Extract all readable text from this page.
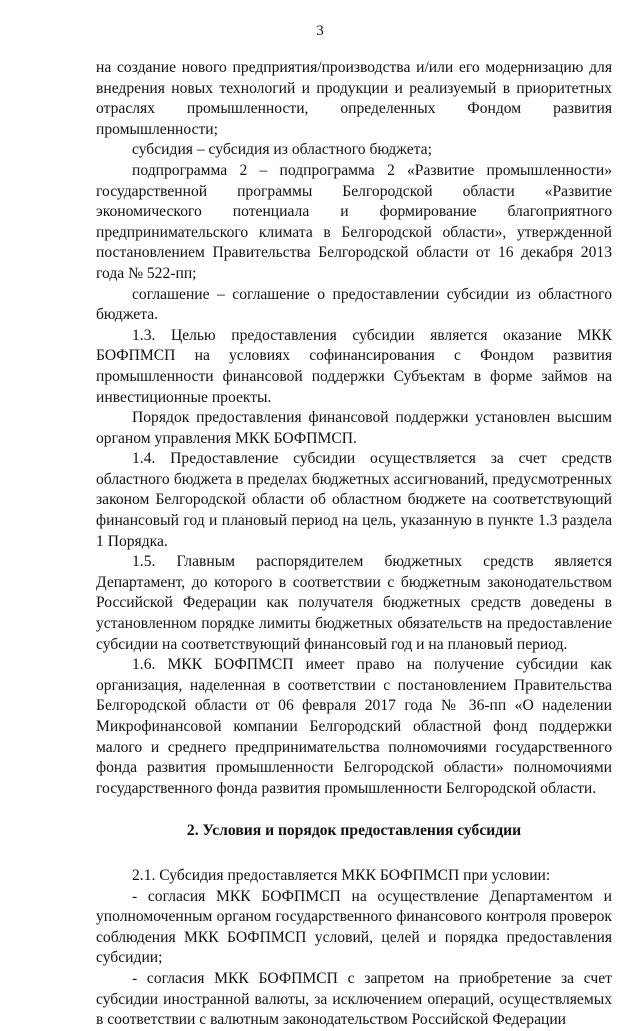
3

на создание нового предприятия/производства и/или его модернизацию для внедрения новых технологий и продукции и реализуемый в приоритетных отраслях промышленности, определенных Фондом развития промышленности;

субсидия – субсидия из областного бюджета;

подпрограмма 2 – подпрограмма 2 «Развитие промышленности» государственной программы Белгородской области «Развитие экономического потенциала и формирование благоприятного предпринимательского климата в Белгородской области», утвержденной постановлением Правительства Белгородской области от 16 декабря 2013 года № 522-пп;

соглашение – соглашение о предоставлении субсидии из областного бюджета.

1.3. Целью предоставления субсидии является оказание МКК БОФПМСП на условиях софинансирования с Фондом развития промышленности финансовой поддержки Субъектам в форме займов на инвестиционные проекты.

Порядок предоставления финансовой поддержки установлен высшим органом управления МКК БОФПМСП.

1.4. Предоставление субсидии осуществляется за счет средств областного бюджета в пределах бюджетных ассигнований, предусмотренных законом Белгородской области об областном бюджете на соответствующий финансовый год и плановый период на цель, указанную в пункте 1.3 раздела 1 Порядка.

1.5. Главным распорядителем бюджетных средств является Департамент, до которого в соответствии с бюджетным законодательством Российской Федерации как получателя бюджетных средств доведены в установленном порядке лимиты бюджетных обязательств на предоставление субсидии на соответствующий финансовый год и на плановый период.

1.6. МКК БОФПМСП имеет право на получение субсидии как организация, наделенная в соответствии с постановлением Правительства Белгородской области от 06 февраля 2017 года № 36-пп «О наделении Микрофинансовой компании Белгородский областной фонд поддержки малого и среднего предпринимательства полномочиями государственного фонда развития промышленности Белгородской области» полномочиями государственного фонда развития промышленности Белгородской области.

2. Условия и порядок предоставления субсидии

2.1. Субсидия предоставляется МКК БОФПМСП при условии:

- согласия МКК БОФПМСП на осуществление Департаментом и уполномоченным органом государственного финансового контроля проверок соблюдения МКК БОФПМСП условий, целей и порядка предоставления субсидии;

- согласия МКК БОФПМСП с запретом на приобретение за счет субсидии иностранной валюты, за исключением операций, осуществляемых в соответствии с валютным законодательством Российской Федерации
